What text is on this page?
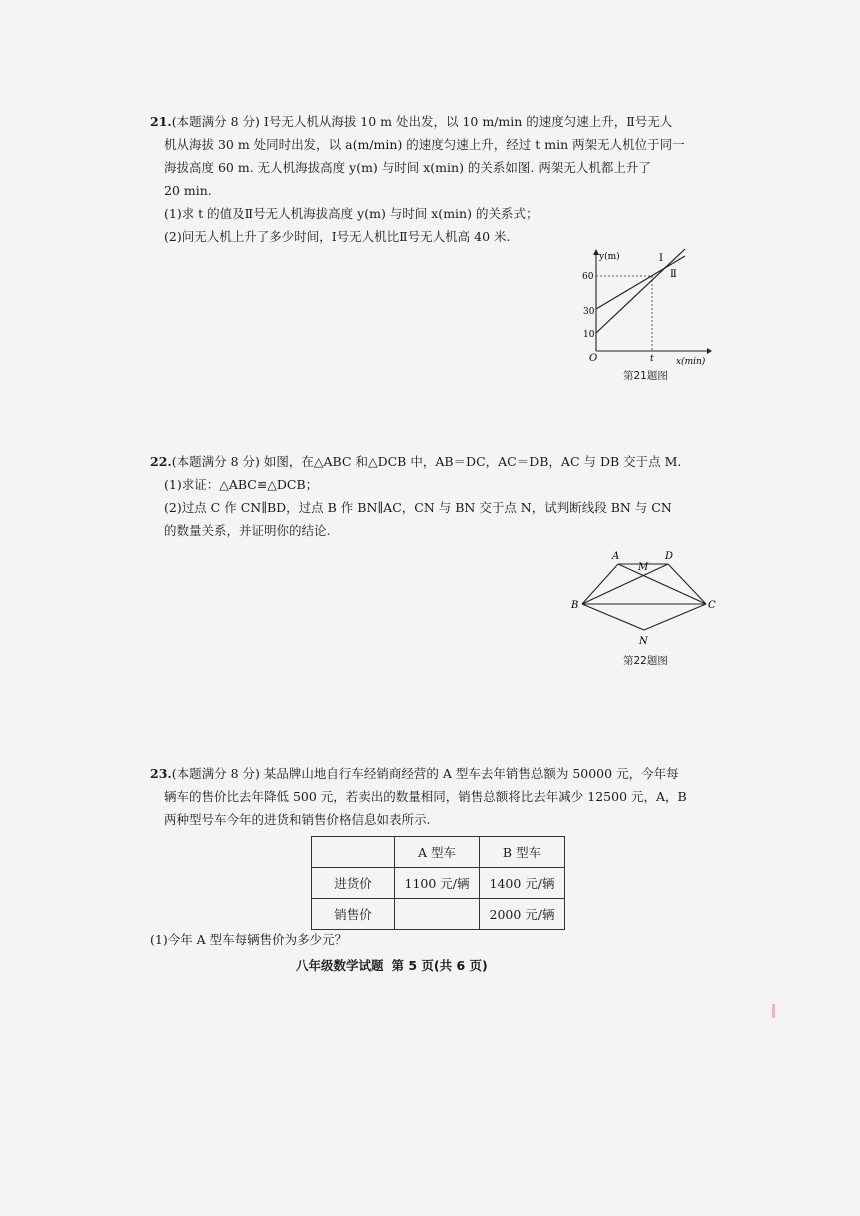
21.(本题满分 8 分) Ⅰ号无人机从海拔 10 m 处出发，以 10 m/min 的速度匀速上升，Ⅱ号无人

机从海拔 30 m 处同时出发，以 a(m/min) 的速度匀速上升，经过 t min 两架无人机位于同一

海拔高度 60 m. 无人机海拔高度 y(m) 与时间 x(min) 的关系如图. 两架无人机都上升了

20 min.

(1)求 t 的值及Ⅱ号无人机海拔高度 y(m) 与时间 x(min) 的关系式；

(2)问无人机上升了多少时间，Ⅰ号无人机比Ⅱ号无人机高 40 米.

y(m)
x(min)
O
60
30
10
t
Ⅰ
Ⅱ
第21题图

22.(本题满分 8 分) 如图，在△ABC 和△DCB 中，AB＝DC，AC＝DB，AC 与 DB 交于点 M.

(1)求证：△ABC≌△DCB；

(2)过点 C 作 CN∥BD，过点 B 作 BN∥AC，CN 与 BN 交于点 N，试判断线段 BN 与 CN

的数量关系，并证明你的结论.

A
M
D
B	C
N
第22题图

23.(本题满分 8 分) 某品牌山地自行车经销商经营的 A 型车去年销售总额为 50000 元，今年每

辆车的售价比去年降低 500 元，若卖出的数量相同，销售总额将比去年减少 12500 元，A，B

两种型号车今年的进货和销售价格信息如表所示.

	A 型车	B 型车
进货价	1100 元/辆	1400 元/辆
销售价		2000 元/辆

(1)今年 A 型车每辆售价为多少元？

八年级数学试题 第 5 页(共 6 页)
